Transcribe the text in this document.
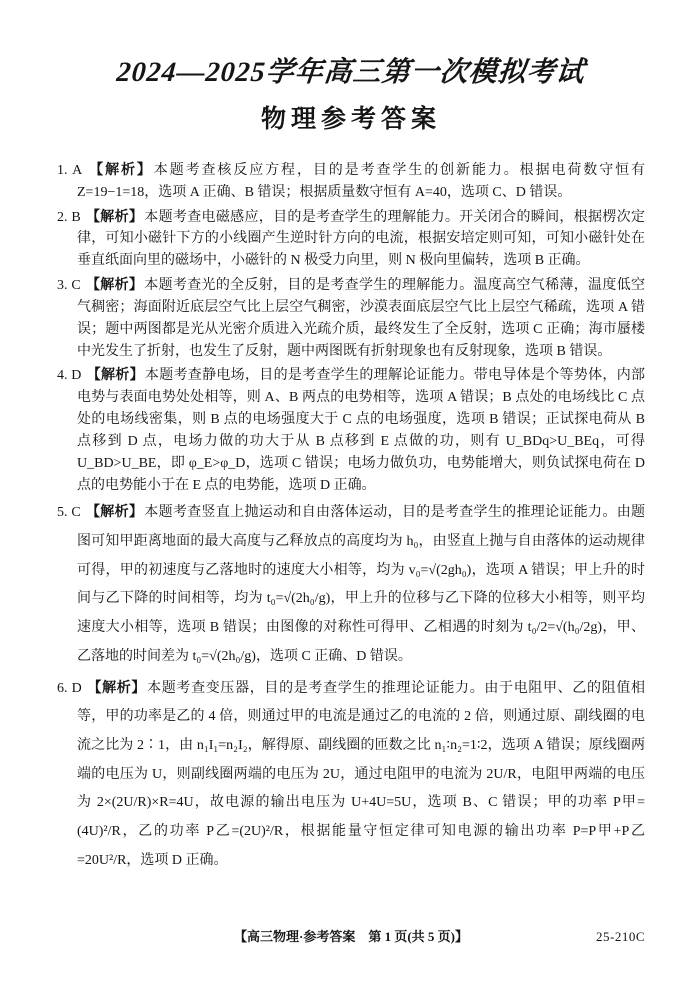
2024—2025学年高三第一次模拟考试
物理参考答案

1. A 【解析】本题考查核反应方程，目的是考查学生的创新能力。根据电荷数守恒有 Z=19−1=18，选项 A 正确、B 错误；根据质量数守恒有 A=40，选项 C、D 错误。

2. B 【解析】本题考查电磁感应，目的是考查学生的理解能力。开关闭合的瞬间，根据楞次定律，可知小磁针下方的小线圈产生逆时针方向的电流，根据安培定则可知，可知小磁针处在垂直纸面向里的磁场中，小磁针的 N 极受力向里，则 N 极向里偏转，选项 B 正确。

3. C 【解析】本题考查光的全反射，目的是考查学生的理解能力。温度高空气稀薄，温度低空气稠密；海面附近底层空气比上层空气稠密，沙漠表面底层空气比上层空气稀疏，选项 A 错误；题中两图都是光从光密介质进入光疏介质，最终发生了全反射，选项 C 正确；海市蜃楼中光发生了折射，也发生了反射，题中两图既有折射现象也有反射现象，选项 B 错误。

4. D 【解析】本题考查静电场，目的是考查学生的理解论证能力。带电导体是个等势体，内部电势与表面电势处处相等，则 A、B 两点的电势相等，选项 A 错误；B 点处的电场线比 C 点处的电场线密集，则 B 点的电场强度大于 C 点的电场强度，选项 B 错误；正试探电荷从 B 点移到 D 点，电场力做的功大于从 B 点移到 E 点做的功，则有 U_BDq>U_BEq，可得 U_BD>U_BE，即 φ_E>φ_D，选项 C 错误；电场力做负功，电势能增大，则负试探电荷在 D 点的电势能小于在 E 点的电势能，选项 D 正确。

5. C 【解析】本题考查竖直上抛运动和自由落体运动，目的是考查学生的推理论证能力。由题图可知甲距离地面的最大高度与乙释放点的高度均为 h₀，由竖直上抛与自由落体的运动规律可得，甲的初速度与乙落地时的速度大小相等，均为 v₀=√(2gh₀)，选项 A 错误；甲上升的时间与乙下降的时间相等，均为 t₀=√(2h₀/g)，甲上升的位移与乙下降的位移大小相等，则平均速度大小相等，选项 B 错误；由图像的对称性可得甲、乙相遇的时刻为 t₀/2=√(h₀/2g)，甲、乙落地的时间差为 t₀=√(2h₀/g)，选项 C 正确、D 错误。

6. D 【解析】本题考查变压器，目的是考查学生的推理论证能力。由于电阻甲、乙的阻值相等，甲的功率是乙的 4 倍，则通过甲的电流是通过乙的电流的 2 倍，则通过原、副线圈的电流之比为 2∶1，由 n₁I₁=n₂I₂，解得原、副线圈的匝数之比 n₁∶n₂=1∶2，选项 A 错误；原线圈两端的电压为 U，则副线圈两端的电压为 2U，通过电阻甲的电流为 2U/R，电阻甲两端的电压为 2×(2U/R)×R=4U，故电源的输出电压为 U+4U=5U，选项 B、C 错误；甲的功率 P甲=(4U)²/R，乙的功率 P乙=(2U)²/R，根据能量守恒定律可知电源的输出功率 P=P甲+P乙=20U²/R，选项 D 正确。

【高三物理·参考答案　第 1 页(共 5 页)】	25-210C
